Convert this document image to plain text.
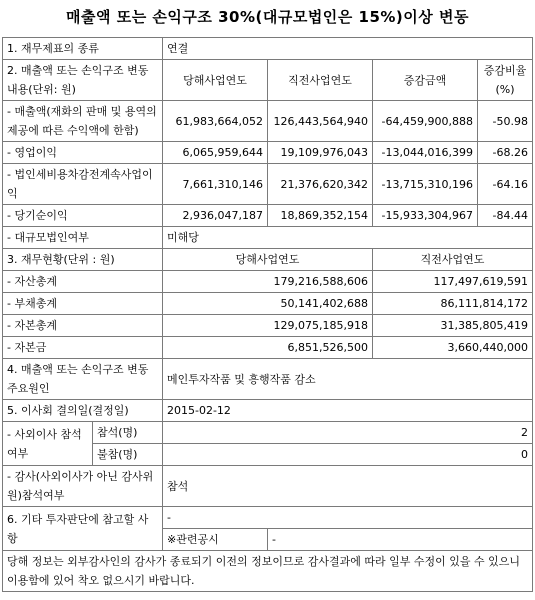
매출액 또는 손익구조 30%(대규모법인은 15%)이상 변동
1. 재무제표의 종류		연결			
2. 매출액 또는 손익구조 변동내용(단위: 원)		당해사업연도	직전사업연도	증감금액	증감비율 (%)
- 매출액(재화의 판매 및 용역의 제공에 따른 수익액에 한함)		61,983,664,052	126,443,564,940	-64,459,900,888	-50.98
- 영업이익		6,065,959,644	19,109,976,043	-13,044,016,399	-68.26
- 법인세비용차감전계속사업이익		7,661,310,146	21,376,620,342	-13,715,310,196	-64.16
- 당기순이익		2,936,047,187	18,869,352,154	-15,933,304,967	-84.44
- 대규모법인여부		미해당			
3. 재무현황(단위 : 원)		당해사업연도		직전사업연도	
- 자산총계		179,216,588,606		117,497,619,591	
- 부채총계		50,141,402,688		86,111,814,172	
- 자본총계		129,075,185,918		31,385,805,419	
- 자본금		6,851,526,500		3,660,440,000	
4. 매출액 또는 손익구조 변동 주요원인		메인투자작품 및 흥행작품 감소			
5. 이사회 결의일(결정일)		2015-02-12			
- 사외이사 참석여부	참석(명)	2			
	불참(명)	0			
- 감사(사외이사가 아닌 감사위원)참석여부		참석			
6. 기타 투자판단에 참고할 사항		-			
		※관련공시	-		
당해 정보는 외부감사인의 감사가 종료되기 이전의 정보이므로 감사결과에 따라 일부 수정이 있을 수 있으니 이용함에 있어 착오 없으시기 바랍니다.					
